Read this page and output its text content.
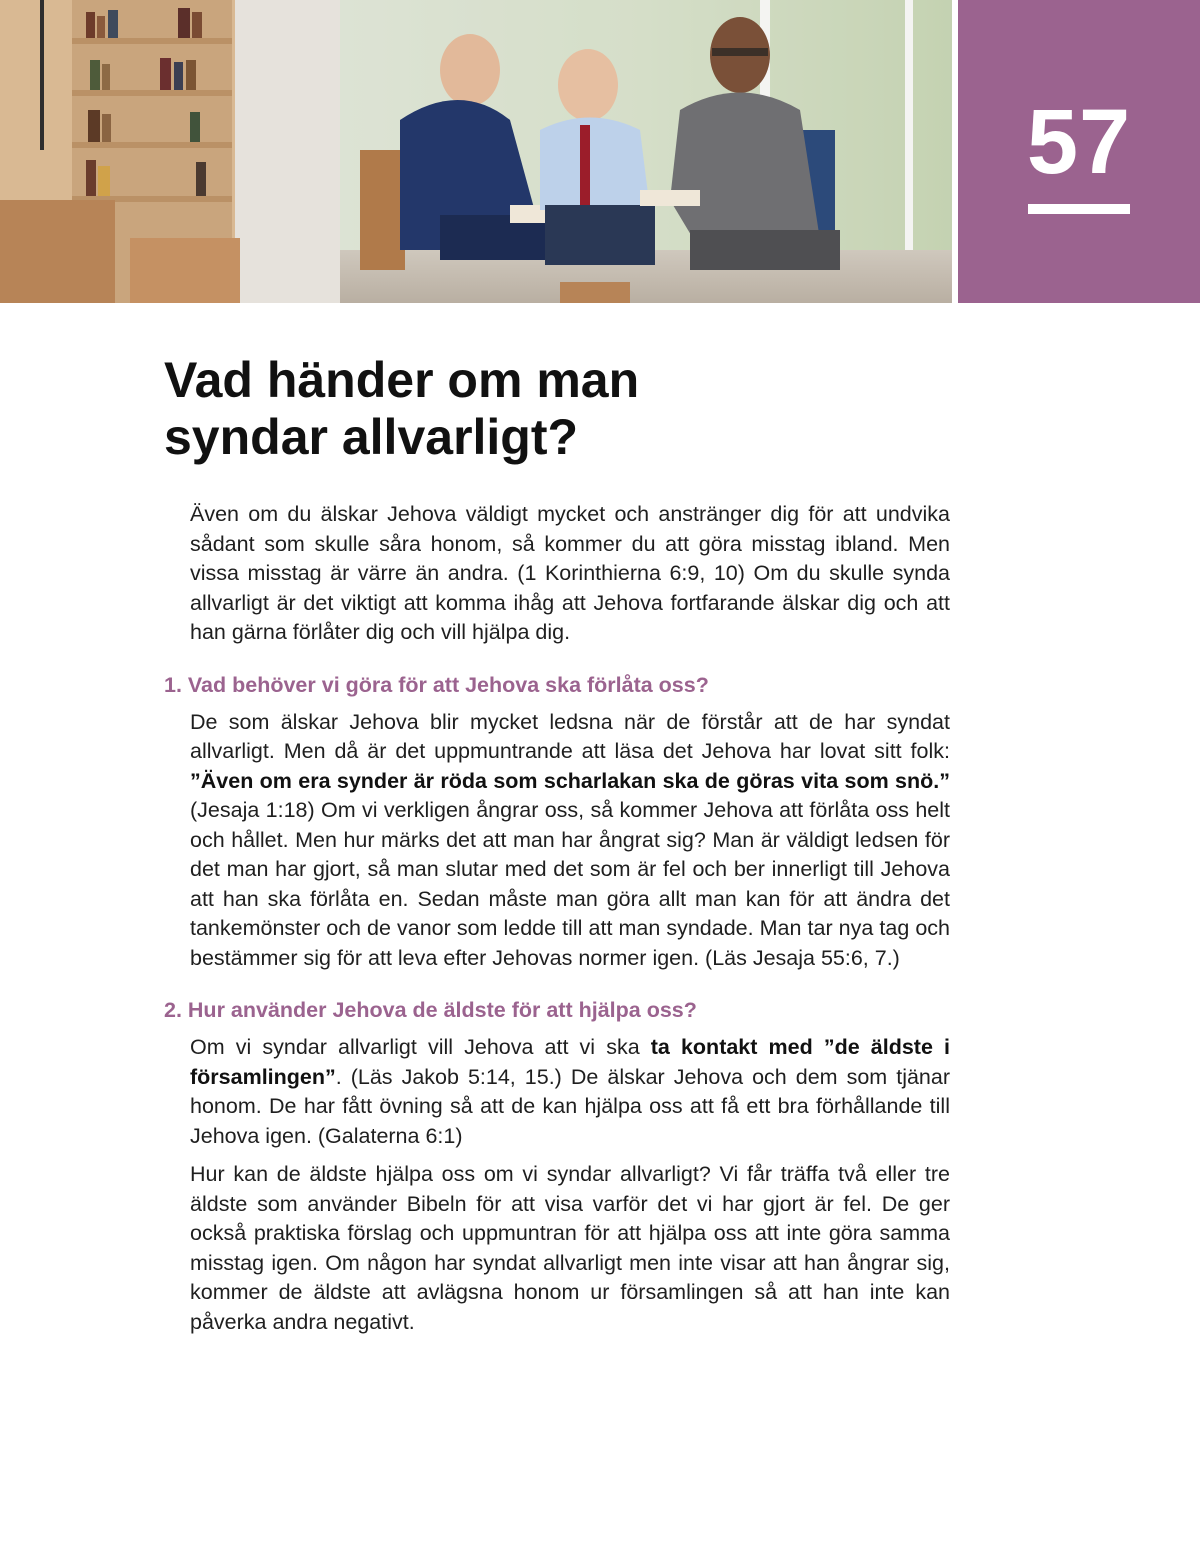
57
Vad händer om man
syndar allvarligt?

Även om du älskar Jehova väldigt mycket och anstränger dig för att undvika sådant som skulle såra honom, så kommer du att göra misstag ibland. Men vissa misstag är värre än andra. (1 Korinthierna 6:9, 10) Om du skulle synda allvarligt är det viktigt att komma ihåg att Jehova fortfarande älskar dig och att han gärna förlåter dig och vill hjälpa dig.

1. Vad behöver vi göra för att Jehova ska förlåta oss?

De som älskar Jehova blir mycket ledsna när de förstår att de har syndat allvarligt. Men då är det uppmuntrande att läsa det Jehova har lovat sitt folk: ”Även om era synder är röda som scharlakan ska de göras vita som snö.” (Jesaja 1:18) Om vi verkligen ångrar oss, så kommer Jehova att förlåta oss helt och hållet. Men hur märks det att man har ångrat sig? Man är väldigt ledsen för det man har gjort, så man slutar med det som är fel och ber innerligt till Jehova att han ska förlåta en. Sedan måste man göra allt man kan för att ändra det tankemönster och de vanor som ledde till att man syndade. Man tar nya tag och bestämmer sig för att leva efter Jehovas normer igen. (Läs Jesaja 55:6, 7.)

2. Hur använder Jehova de äldste för att hjälpa oss?

Om vi syndar allvarligt vill Jehova att vi ska ta kontakt med ”de äldste i församlingen”. (Läs Jakob 5:14, 15.) De älskar Jehova och dem som tjänar honom. De har fått övning så att de kan hjälpa oss att få ett bra förhållande till Jehova igen. (Galaterna 6:1)

Hur kan de äldste hjälpa oss om vi syndar allvarligt? Vi får träffa två eller tre äldste som använder Bibeln för att visa varför det vi har gjort är fel. De ger också praktiska förslag och uppmuntran för att hjälpa oss att inte göra samma misstag igen. Om någon har syndat allvarligt men inte visar att han ångrar sig, kommer de äldste att avlägsna honom ur församlingen så att han inte kan påverka andra negativt.
